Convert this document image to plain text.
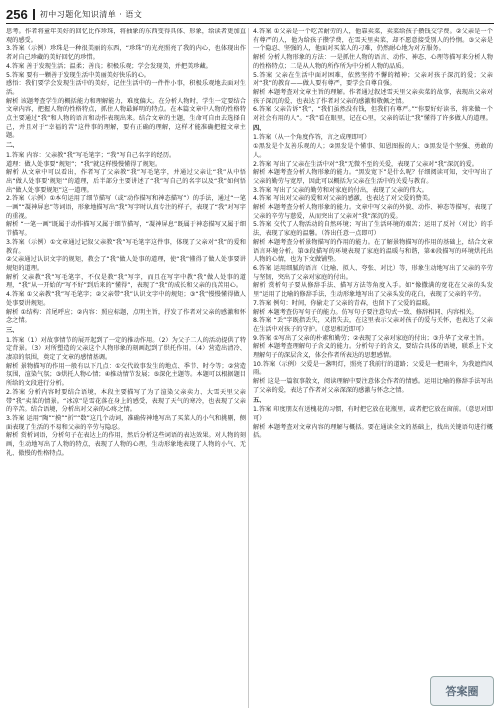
256 初中习题化知识清单 · 语文

思考。作者将童年美好的回忆比作珍珠，将抽象的东西变得具体、形象，给读者更加直观的感受。

3.答案（示例）珍珠是一种很美丽的东西，“珍珠”的光亮照亮了我的内心，也体现出作者对自己珍藏的美好回忆的珍惜。

4.答案 善于发现生活；温柔；善良；积极乐观；学会发现美，并把美珍藏。

5.答案 要有一颗善于发现生活中美丽美好快乐的心。

感悟：我们要学会发现生活中的美好，记住生活中的一件件小事，积极乐观地去面对生活。

解析 该题考查学生的概括能力和理解能力，难度偏大。在分析人物时，学生一定要结合文章内容，把握人物的性格特点，抓住人物最鲜明的特点。在本篇文章中人物的性格特点主要通过“我”和人物的语言和动作表现出来。结合文章的主题，生命可自由去选择自己，并且对于“幸福的苦”这件事的理解，要有正确的理解，这样才能准确把握文章主题。

二、

1.答案 内容：父亲教“我”写毛笔字；“我”写自己名字的经历。

道理：做人处事要“规矩”；“我”就这样慢慢懂得了规矩。

解析 从文章中可以看出，作者写了父亲教“我”写毛笔字，并通过父亲让“我”从中悟出“做人处事要‘规矩’”的道理，后半部分主要讲述了“我”写自己的名字以及“我”如何悟出“做人处事要规矩”这一道理。

2.答案（示例）①本句运用了细节描写（或“动作描写和神态描写”）的手法，通过“一笔一画”“凝神屏息”等词语，形象地描写出“我”写字时认真专注的样子，表现了“我”对写字的重视。

解析 “一笔一画”既属于动作描写又属于细节描写，“凝神屏息”既属于神态描写又属于细节描写。

3.答案（示例）①文章通过记叙父亲教“我”写毛笔字这件事，体现了父亲对“我”的爱和教育。

②父亲通过认识文字的规矩，教会了“我”做人处事的道理，使“我”懂得了做人处事要讲规矩的道理。

解析 父亲教“我”写毛笔字，不仅是教“我”写字，而且在写字中教“我”做人处事的道理，“我”从一开始的“写不好”到后来的“懂得”，表现了“我”的成长和父亲的良苦用心。

4.答案 ①父亲教“我”写毛笔字；②父亲带“我”认识文字中的规矩；③“我”慢慢懂得做人处事要讲规矩。

解析 ①结构：首尾呼应；②内容：照应标题，点明主旨，抒发了作者对父亲的感激和怀念之情。

三、

1.答案（1）对故事情节的展开起到了一定的推动作用。（2）为父子二人的活动提供了特定背景。（3）对所塑造的父亲这个人物形象的刻画起到了烘托作用。（4）营造出清冷、凄凉的氛围，奠定了文章的感情基调。

解析 景物描写的作用一般有以下几点：①交代故事发生的地点、季节、时令等；②营造氛围，渲染气氛；③烘托人物心情；④推动情节发展；⑤深化主题等。本题可以根据题目所给的文段进行分析。

2.答案 分析内容时要结合语境，本段主要描写了为了渲染父亲卖力、大雪天里父亲带“我”卖菜的情景。“冰凉”是雪花落在身上的感受，表现了天气的寒冷，也表现了父亲的辛苦。结合语境，分析出对父亲的心疼之情。

3.答案 运用“陶”“摸”“折”“数”这几个动词，准确传神地写出了买菜人的小气和挑剔，侧面表现了生活的不易和父亲的辛劳与隐忍。

解析 赏析词语，分析句子在表达上的作用，然后分析这些词语的表达效果。对人物的刻画，生动地写出了人物的特点，表现了人物的心理，生动形象地表现了人物的小气、无礼、傲慢的性格特点。

4.答案 ①父亲是一个吃苦耐劳的人，他靠卖菜，卖菜给孩子攒钱交学费。②父亲是一个有尊严的人，他为给孩子攒学费，在雪天里卖菜，却不愿意接受别人的怜悯。③父亲是一个隐忍、坚强的人，他面对买菜人的刁难，仍然耐心地为对方服务。

解析 分析人物形象的方法：一是抓住人物的语言、动作、神态、心理等描写来分析人物的性格特点；二是从人物的所作所为中分析人物的品质。

5.答案 父亲在生活中面对困难，依然坚持不懈的精神；父亲对孩子深沉的爱；父亲对“我”的教育——做人要有尊严，要学会自尊自强。

解析 本题考查对文章主旨的理解。作者通过叙述雪天里父亲卖菜的故事，表现出父亲对孩子深沉的爱，也表达了作者对父亲的感激和敬佩之情。

6.答案 父亲告诉“我”，“我们虽然没有钱，但我们有尊严。”“你要好好读书，将来做一个对社会有用的人”。“我”看在眼里，记在心里，父亲的话让“我”懂得了许多做人的道理。

四、

1.答案（从一个角度作答，言之成理即可）

①黑发是个友善乐观的人；②黑发是个懂事、知恩图报的人；③黑发是个坚强、勇敢的人。

2.答案 写出了父亲在生活中对“我”无微不至的关爱，表现了父亲对“我”深沉的爱。

解析 本题考查分析人物形象的能力。“黑发宽下”是什么呢？仔细阅读可知，文中写出了父亲的勤劳与宽厚，因此可以概括为父亲在生活中的关爱与教育。

3.答案 写出了父亲的勤劳和对家庭的付出，表现了父亲的伟大。

4.答案 写出对父亲的爱和对父亲的感激，也表达了对父爱的赞美。

解析 本题考查分析人物形象的能力。文章中写父亲的外貌、动作、神态等描写，表现了父亲的辛劳与慈爱，从而突出了父亲对“我”深沉的爱。

5.答案 交代了人物活动的自然环境；写出了生活环境的艰苦；运用了反衬（对比）的手法，表现了家庭的温馨。（答出任意一点即可）

解析 本题考查分析景物描写的作用的能力。在了解景物描写的作用的基础上，结合文章语言环境分析。第③段描写的环境表现了家庭的温暖与和谐，第⑥段描写的环境烘托出人物的心情，也为下文做铺垫。

6.答案 运用细腻的语言（比喻、拟人、夸张、对比）等，形象生动地写出了父亲的辛劳与坚韧，突出了父亲对家庭的付出。

解析 赏析句子要从修辞手法、描写方法等角度入手。如“像撒满的宽花在父亲的头发里”运用了比喻的修辞手法，生动形象地写出了父亲头发的花白，表现了父亲的辛劳。

7.答案 例句：时间，你偷走了父亲的青春，也留下了父爱的温暖。

解析 本题考查仿写句子的能力。仿写句子要注意句式一致、修辞相同、内容相关。

8.答案 “丢”字既指丢失，又指失去，在这里表示父亲对孩子的爱与关怀，也表达了父亲在生活中对孩子的守护。（意思相近即可）

9.答案 ①写出了父亲的朴素和勤劳；②表现了父亲对家庭的付出；③升华了文章主旨。

解析 本题考查理解句子含义的能力。分析句子的含义，要结合具体的语境，联系上下文理解句子的深层含义，体会作者所表达的思想感情。

10.答案（示例）父爱是一盏明灯，照亮了我前行的道路；父爱是一把雨伞，为我遮挡风雨。

解析 这是一篇叙事散文，阅读理解中要注意体会作者的情感。运用比喻的修辞手法写出了父亲的爱，表达了作者对父亲深深的感激与怀念之情。

五、

1.答案 印度朋友有送槐花的习惯，有时把它放在花瓶里，或者把它放在窗前。（意思对即可）

解析 本题考查对文章内容的理解与概括。要在通读全文的基础上，找出关键语句进行概括。

答案圈
